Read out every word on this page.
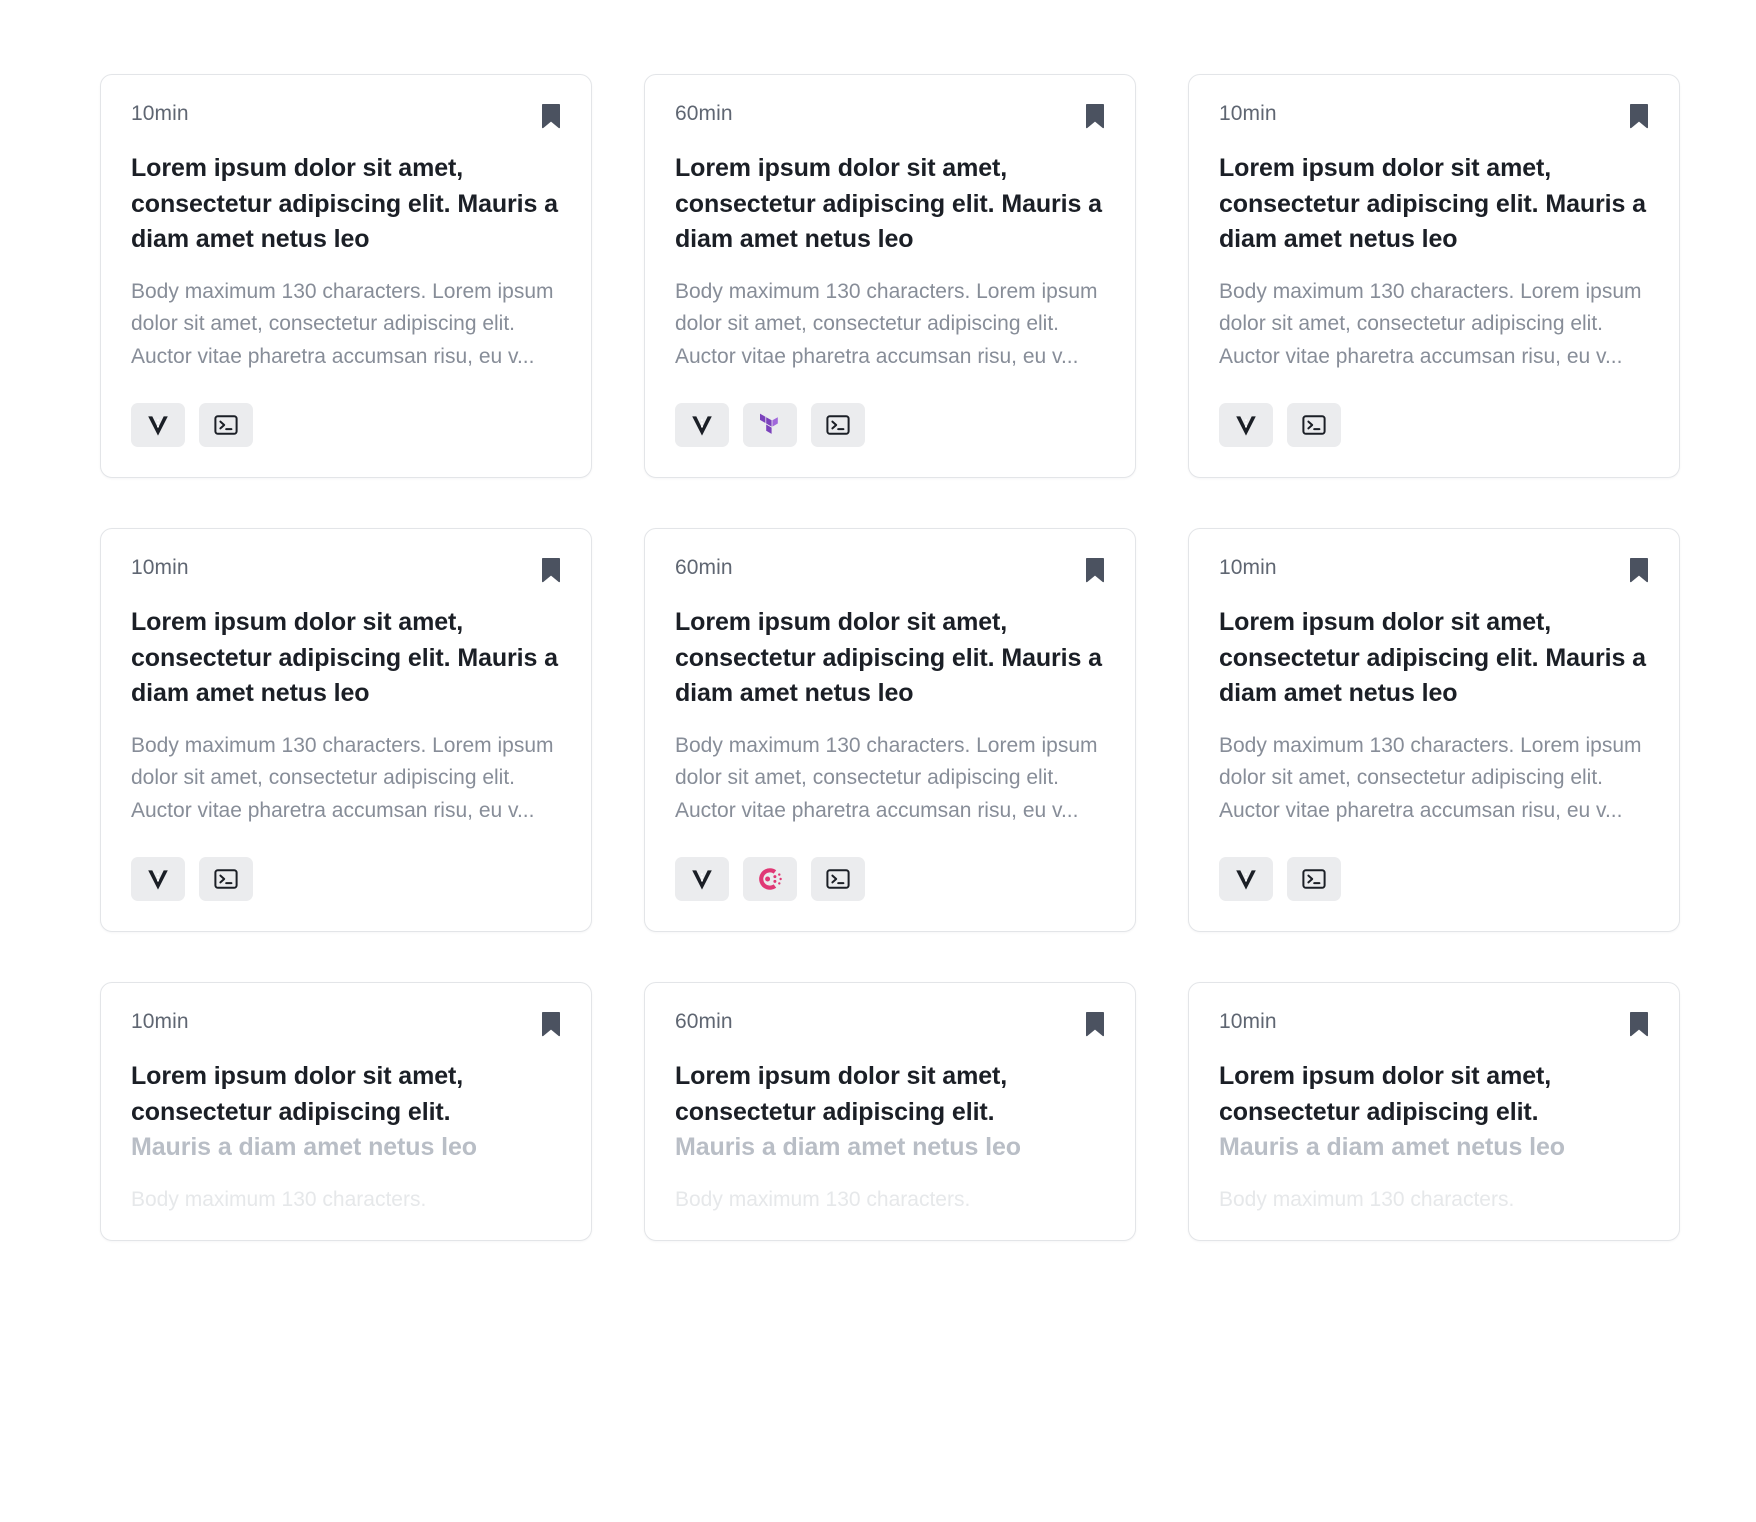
10min
Lorem ipsum dolor sit amet, consectetur adipiscing elit. Mauris a diam amet netus leo

Body maximum 130 characters. Lorem ipsum dolor sit amet, consectetur adipiscing elit. Auctor vitae pharetra accumsan risu, eu v...

60min
Lorem ipsum dolor sit amet, consectetur adipiscing elit. Mauris a diam amet netus leo

Body maximum 130 characters. Lorem ipsum dolor sit amet, consectetur adipiscing elit. Auctor vitae pharetra accumsan risu, eu v...

10min
Lorem ipsum dolor sit amet, consectetur adipiscing elit. Mauris a diam amet netus leo

Body maximum 130 characters. Lorem ipsum dolor sit amet, consectetur adipiscing elit. Auctor vitae pharetra accumsan risu, eu v...

10min
Lorem ipsum dolor sit amet, consectetur adipiscing elit. Mauris a diam amet netus leo

Body maximum 130 characters. Lorem ipsum dolor sit amet, consectetur adipiscing elit. Auctor vitae pharetra accumsan risu, eu v...

60min
Lorem ipsum dolor sit amet, consectetur adipiscing elit. Mauris a diam amet netus leo

Body maximum 130 characters. Lorem ipsum dolor sit amet, consectetur adipiscing elit. Auctor vitae pharetra accumsan risu, eu v...

10min
Lorem ipsum dolor sit amet, consectetur adipiscing elit. Mauris a diam amet netus leo

Body maximum 130 characters. Lorem ipsum dolor sit amet, consectetur adipiscing elit. Auctor vitae pharetra accumsan risu, eu v...

10min
Lorem ipsum dolor sit amet,
consectetur adipiscing elit.
Mauris a diam amet netus leo

Body maximum 130 characters.

60min
Lorem ipsum dolor sit amet,
consectetur adipiscing elit.
Mauris a diam amet netus leo

Body maximum 130 characters.

10min
Lorem ipsum dolor sit amet,
consectetur adipiscing elit.
Mauris a diam amet netus leo

Body maximum 130 characters.
